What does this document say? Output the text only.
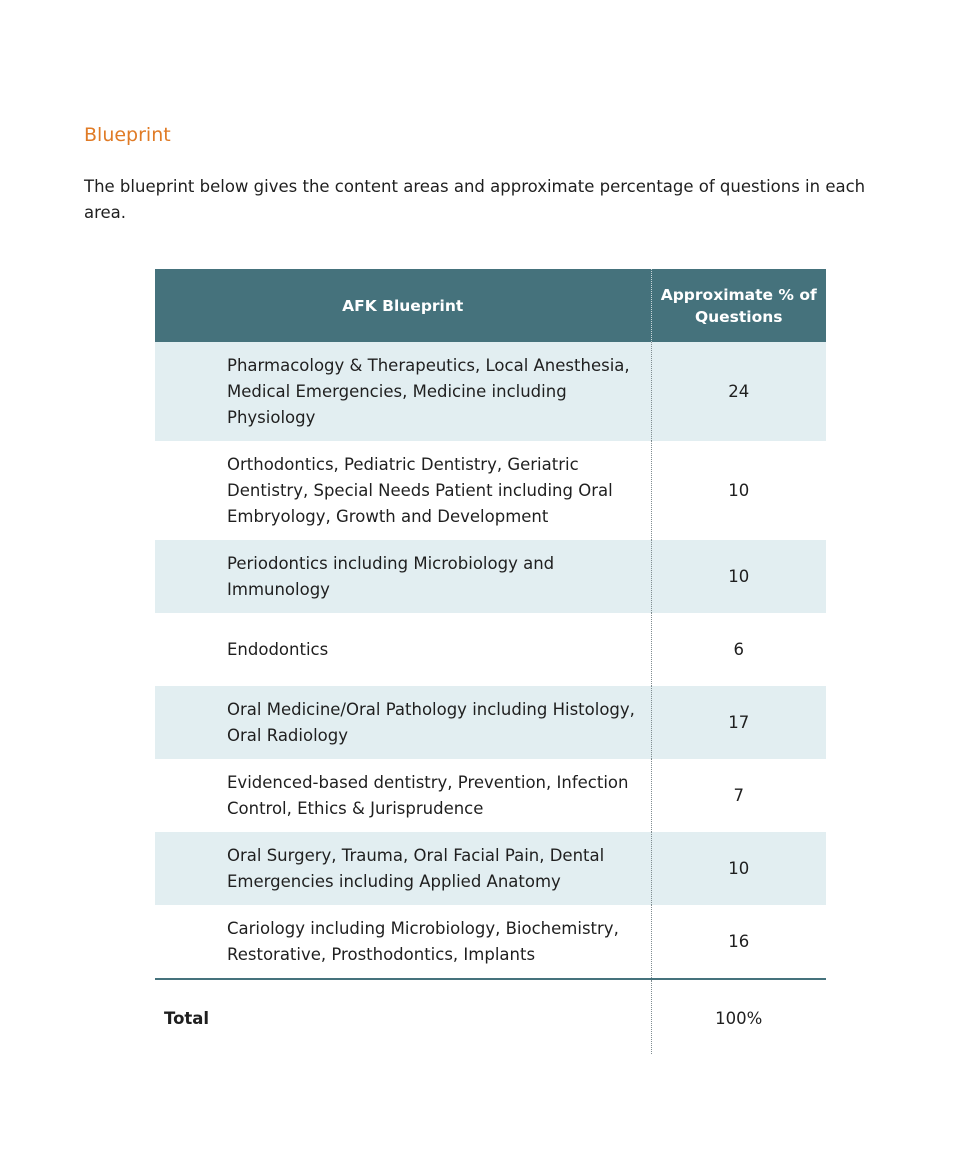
Blueprint

The blueprint below gives the content areas and approximate percentage of questions in each area.

AFK Blueprint	Approximate % of Questions
Pharmacology & Therapeutics, Local Anesthesia, Medical Emergencies, Medicine including Physiology	24
Orthodontics, Pediatric Dentistry, Geriatric Dentistry, Special Needs Patient including Oral Embryology, Growth and Development	10
Periodontics including Microbiology and Immunology	10
Endodontics	6
Oral Medicine/Oral Pathology including Histology, Oral Radiology	17
Evidenced-based dentistry, Prevention, Infection Control, Ethics & Jurisprudence	7
Oral Surgery, Trauma, Oral Facial Pain, Dental Emergencies including Applied Anatomy	10
Cariology including Microbiology, Biochemistry, Restorative, Prosthodontics, Implants	16
Total	100%
